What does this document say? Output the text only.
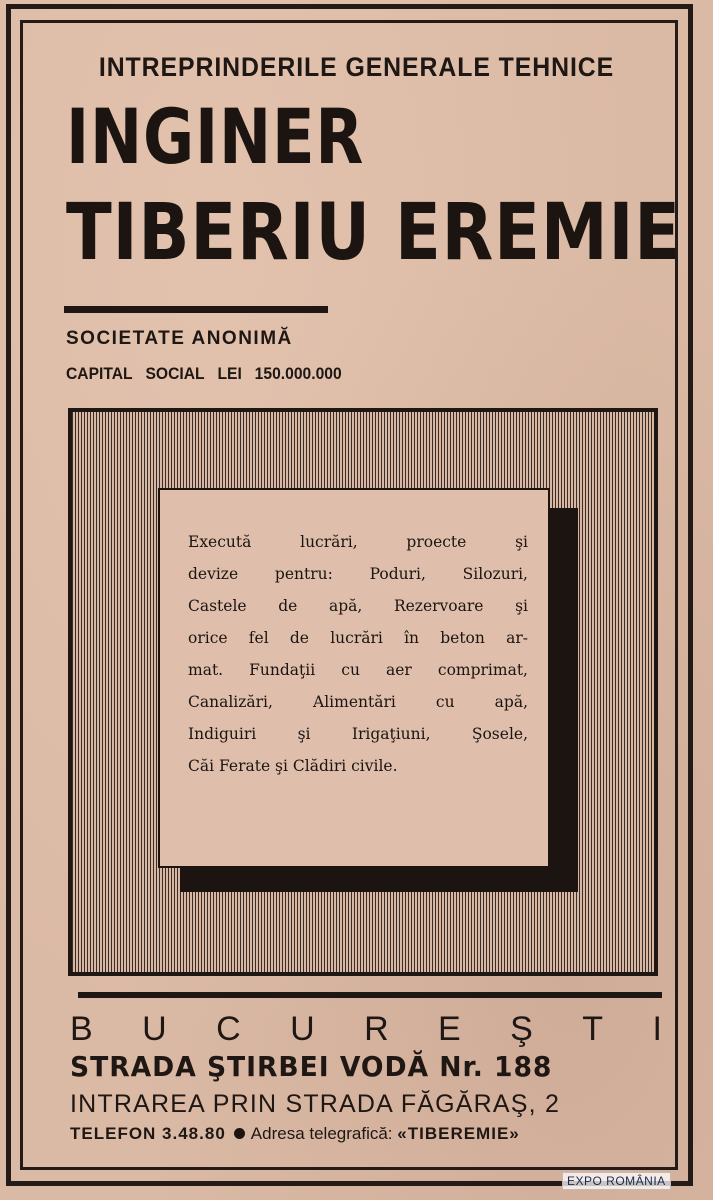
INTREPRINDERILE GENERALE TEHNICE
INGINER
TIBERIU EREMIE
SOCIETATE ANONIMĂ
CAPITAL SOCIAL LEI 150.000.000
Execută lucrări, proecte şi
devize pentru: Poduri, Silozuri,
Castele de apă, Rezervoare şi
orice fel de lucrări în beton ar-
mat. Fundaţii cu aer comprimat,
Canalizări, Alimentări cu apă,
Indiguiri şi Irigaţiuni, Şosele,
Căi Ferate şi Clădiri civile.
B U C U R E Ş T I
STRADA ŞTIRBEI VODĂ Nr. 188
INTRAREA PRIN STRADA FĂGĂRAŞ, 2
TELEFON 3.48.80 Adresa telegrafică: «TIBEREMIE»
EXPO ROMÂNIA
